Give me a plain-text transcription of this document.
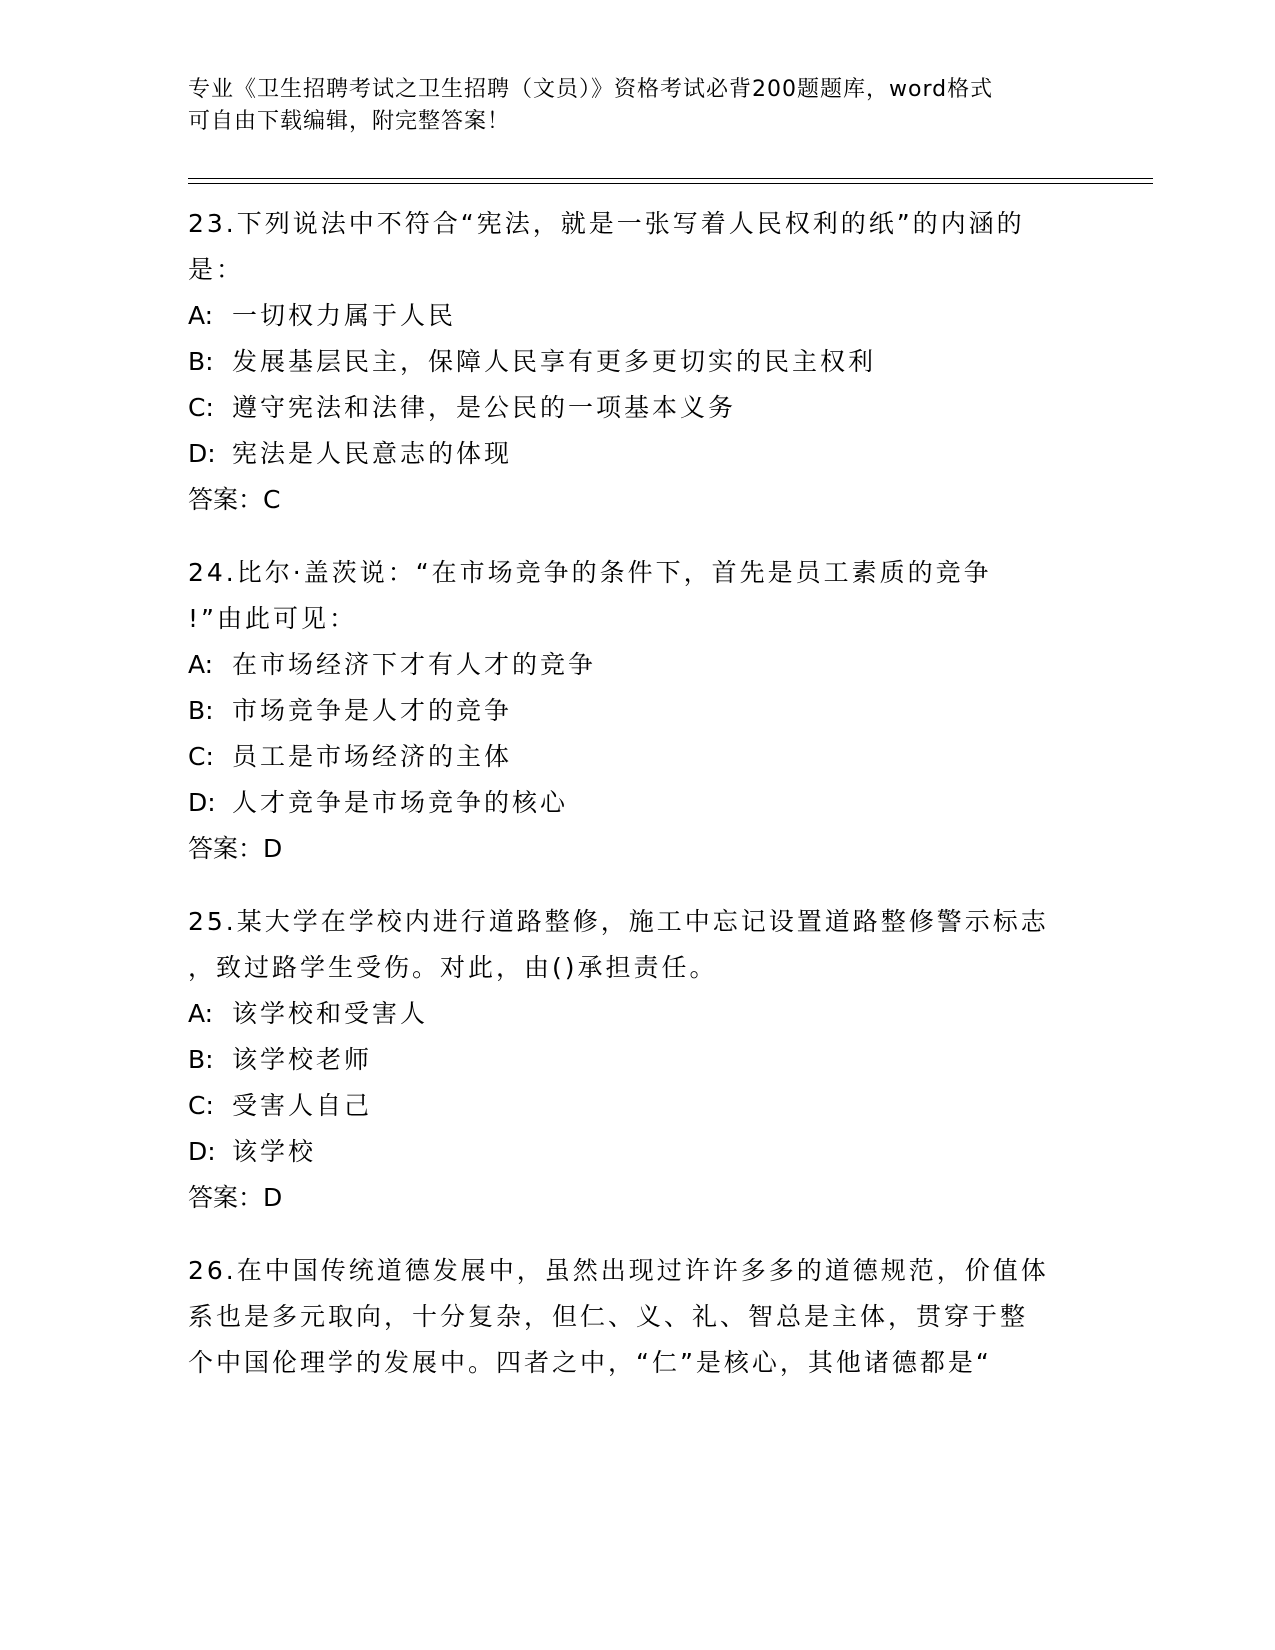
专业《卫生招聘考试之卫生招聘（文员）》资格考试必背200题题库，word格式
可自由下载编辑，附完整答案！
23.下列说法中不符合“宪法，就是一张写着人民权利的纸”的内涵的
是：
A: 一切权力属于人民
B: 发展基层民主，保障人民享有更多更切实的民主权利
C: 遵守宪法和法律，是公民的一项基本义务
D: 宪法是人民意志的体现
答案：C
24.比尔·盖茨说：“在市场竞争的条件下，首先是员工素质的竞争
!”由此可见：
A: 在市场经济下才有人才的竞争
B: 市场竞争是人才的竞争
C: 员工是市场经济的主体
D: 人才竞争是市场竞争的核心
答案：D
25.某大学在学校内进行道路整修，施工中忘记设置道路整修警示标志
，致过路学生受伤。对此，由()承担责任。
A: 该学校和受害人
B: 该学校老师
C: 受害人自己
D: 该学校
答案：D
26.在中国传统道德发展中，虽然出现过许许多多的道德规范，价值体
系也是多元取向，十分复杂，但仁、义、礼、智总是主体，贯穿于整
个中国伦理学的发展中。四者之中，“仁”是核心，其他诸德都是“
